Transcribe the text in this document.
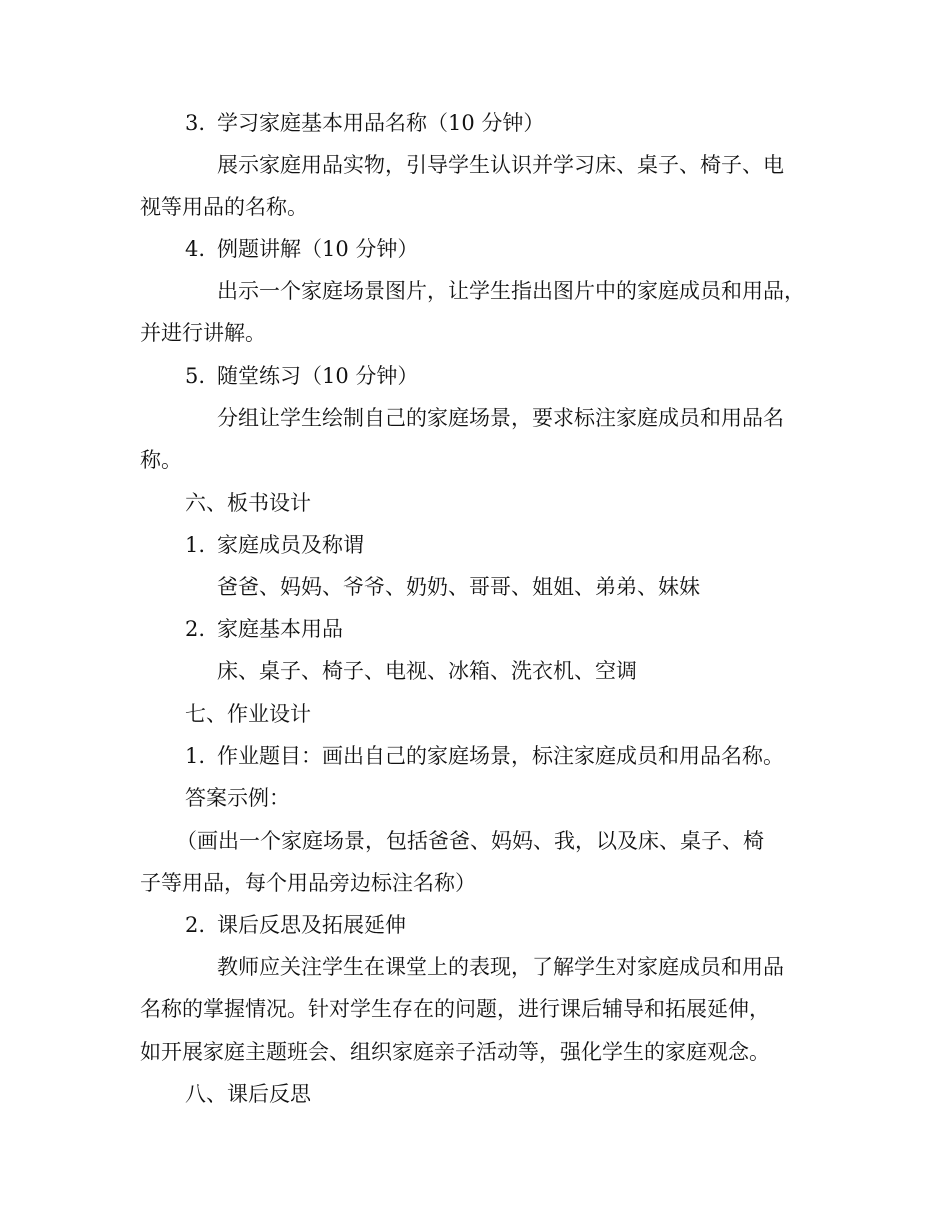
3. 学习家庭基本用品名称（10 分钟）
展示家庭用品实物，引导学生认识并学习床、桌子、椅子、电
视等用品的名称。
4. 例题讲解（10 分钟）
出示一个家庭场景图片，让学生指出图片中的家庭成员和用品，
并进行讲解。
5. 随堂练习（10 分钟）
分组让学生绘制自己的家庭场景，要求标注家庭成员和用品名
称。
六、板书设计
1. 家庭成员及称谓
爸爸、妈妈、爷爷、奶奶、哥哥、姐姐、弟弟、妹妹
2. 家庭基本用品
床、桌子、椅子、电视、冰箱、洗衣机、空调
七、作业设计
1. 作业题目：画出自己的家庭场景，标注家庭成员和用品名称。
答案示例：
（画出一个家庭场景，包括爸爸、妈妈、我，以及床、桌子、椅
子等用品，每个用品旁边标注名称）
2. 课后反思及拓展延伸
教师应关注学生在课堂上的表现，了解学生对家庭成员和用品
名称的掌握情况。针对学生存在的问题，进行课后辅导和拓展延伸，
如开展家庭主题班会、组织家庭亲子活动等，强化学生的家庭观念。
八、课后反思
